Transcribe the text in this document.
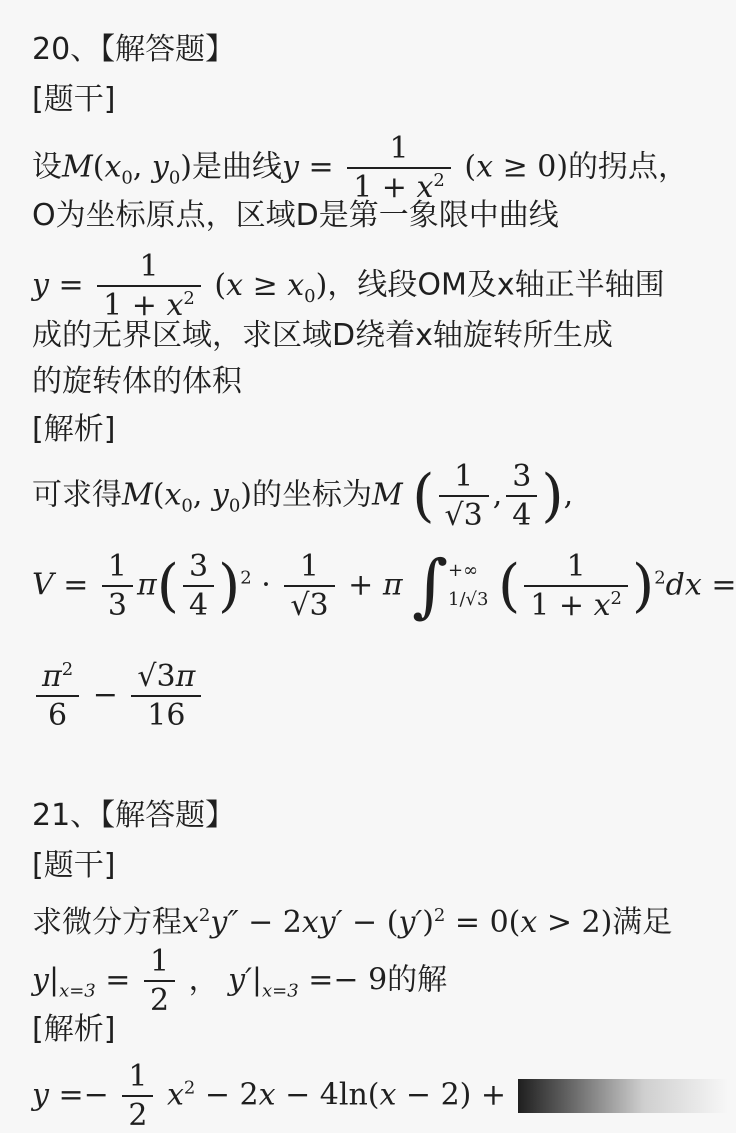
20、【解答题】
[题干]
设$M(x_0$, $y_0$)是曲线$y = \frac{1}{1 + x^2} (x \ge 0)$的拐点，
O为坐标原点，区域D是第一象限中曲线
$y = \frac{1}{1 + x^2} (x \ge x_0)$，线段OM及x轴正半轴围
成的无界区域，求区域D绕着x轴旋转所生成
的旋转体的体积
[解析]
可求得$M(x_0$, $y_0$)的坐标为M ( $\frac{1}{√3}$ , $\frac{3}{4}$ ),
$V = \frac{1}{3} \pi( \frac{3}{4} )^2 \cdot \frac{1}{√3} + \pi$ ∫ +∞
1/√3 ( $\frac{1}{1 + x^2} )^2dx$ =
$\frac{\pi^2}{6} - \frac{√3\pi}{16}$
21、【解答题】
[题干]
求微分方程$x^2y'' - 2xy' - (y')^2 = 0(x > 2)$满足
$y|_{x=3} = \frac{1}{2}$ ， $y'|_{x=3} =- 9$的解
[解析]
$y =- \frac{1}{2} x^2 - 2x - 4\ln(x - 2)$ +
